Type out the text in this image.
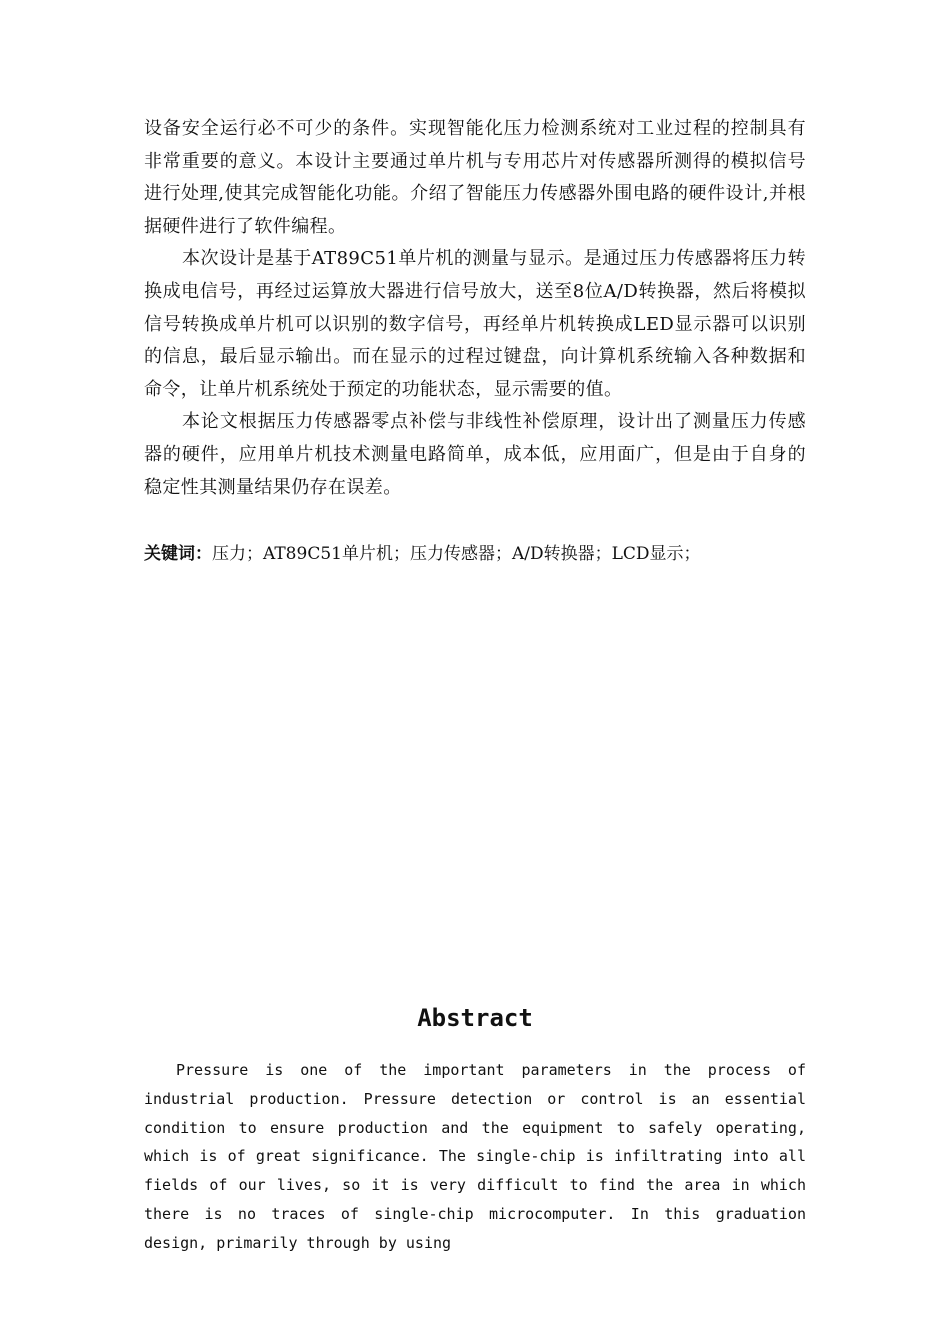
设备安全运行必不可少的条件。实现智能化压力检测系统对工业过程的控制具有非常重要的意义。本设计主要通过单片机与专用芯片对传感器所测得的模拟信号进行处理,使其完成智能化功能。介绍了智能压力传感器外围电路的硬件设计,并根据硬件进行了软件编程。

本次设计是基于AT89C51单片机的测量与显示。是通过压力传感器将压力转换成电信号，再经过运算放大器进行信号放大，送至8位A/D转换器，然后将模拟信号转换成单片机可以识别的数字信号，再经单片机转换成LED显示器可以识别的信息，最后显示输出。而在显示的过程过键盘，向计算机系统输入各种数据和命令，让单片机系统处于预定的功能状态，显示需要的值。

本论文根据压力传感器零点补偿与非线性补偿原理，设计出了测量压力传感器的硬件，应用单片机技术测量电路简单，成本低，应用面广，但是由于自身的稳定性其测量结果仍存在误差。

关键词：压力；AT89C51单片机；压力传感器；A/D转换器；LCD显示；
Abstract

Pressure is one of the important parameters in the process of industrial production. Pressure detection or control is an essential condition to ensure production and the equipment to safely operating, which is of great significance. The single-chip is infiltrating into all fields of our lives, so it is very difficult to find the area in which there is no traces of single-chip microcomputer. In this graduation design, primarily through by using
